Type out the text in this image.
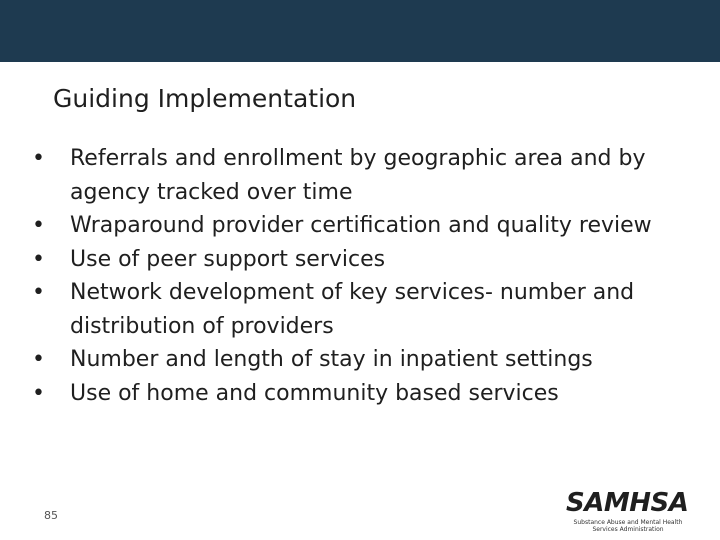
Guiding Implementation
•	Referrals and enrollment by geographic area and by agency tracked over time
•	Wraparound provider certification and quality review
•	Use of peer support services
•	Network development of key services- number and distribution of providers
•	Number and length of stay in inpatient settings
•	Use of home and community based services
85	SAMHSA
Substance Abuse and Mental Health
Services Administration
